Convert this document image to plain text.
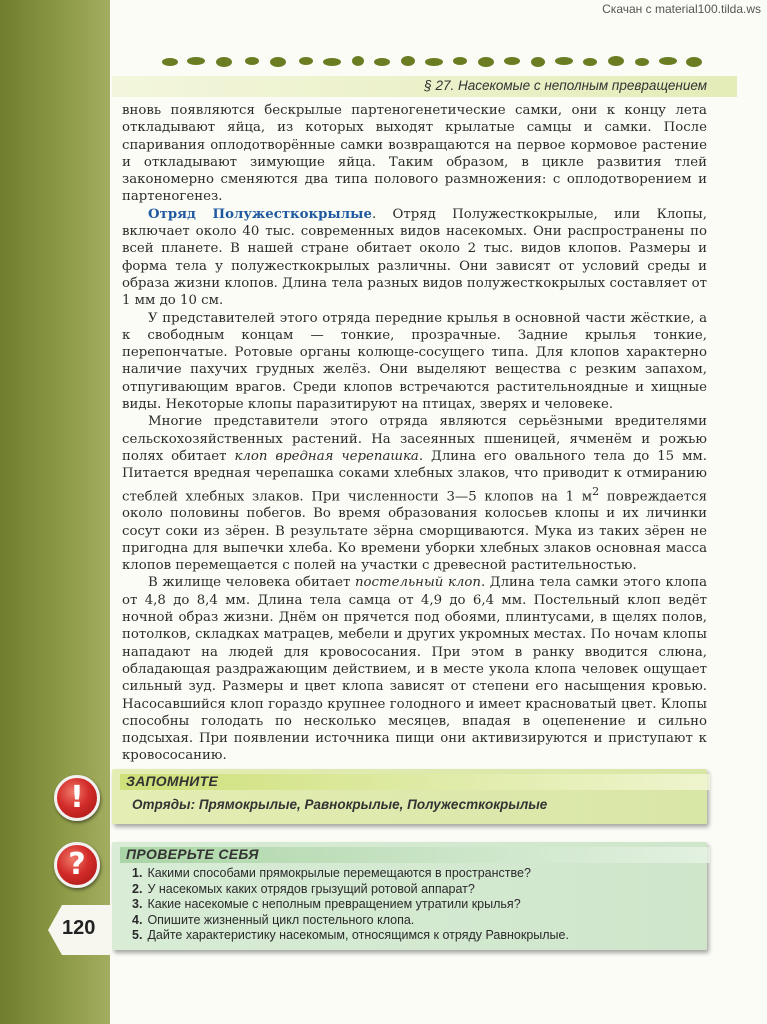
Скачан с material100.tilda.ws
§ 27. Насекомые с неполным превращением

вновь появляются бескрылые партеногенетические самки, они к концу лета откладывают яйца, из которых выходят крылатые самцы и самки. После спаривания оплодотворённые самки возвращаются на первое кормовое растение и откладывают зимующие яйца. Таким образом, в цикле развития тлей закономерно сменяются два типа полового размножения: с оплодотворением и партеногенез.

Отряд Полужесткокрылые. Отряд Полужесткокрылые, или Клопы, включает около 40 тыс. современных видов насекомых. Они распространены по всей планете. В нашей стране обитает около 2 тыс. видов клопов. Размеры и форма тела у полужесткокрылых различны. Они зависят от условий среды и образа жизни клопов. Длина тела разных видов полужесткокрылых составляет от 1 мм до 10 см.

У представителей этого отряда передние крылья в основной части жёсткие, а к свободным концам — тонкие, прозрачные. Задние крылья тонкие, перепончатые. Ротовые органы колюще-сосущего типа. Для клопов характерно наличие пахучих грудных желёз. Они выделяют вещества с резким запахом, отпугивающим врагов. Среди клопов встречаются растительноядные и хищные виды. Некоторые клопы паразитируют на птицах, зверях и человеке.

Многие представители этого отряда являются серьёзными вредителями сельскохозяйственных растений. На засеянных пшеницей, ячменём и рожью полях обитает клоп вредная черепашка. Длина его овального тела до 15 мм. Питается вредная черепашка соками хлебных злаков, что приводит к отмиранию стеблей хлебных злаков. При численности 3—5 клопов на 1 $м^2$ повреждается около половины побегов. Во время образования колосьев клопы и их личинки сосут соки из зёрен. В результате зёрна сморщиваются. Мука из таких зёрен не пригодна для выпечки хлеба. Ко времени уборки хлебных злаков основная масса клопов перемещается с полей на участки с древесной растительностью.

В жилище человека обитает постельный клоп. Длина тела самки этого клопа от 4,8 до 8,4 мм. Длина тела самца от 4,9 до 6,4 мм. Постельный клоп ведёт ночной образ жизни. Днём он прячется под обоями, плинтусами, в щелях полов, потолков, складках матрацев, мебели и других укромных местах. По ночам клопы нападают на людей для кровососания. При этом в ранку вводится слюна, обладающая раздражающим действием, и в месте укола клопа человек ощущает сильный зуд. Размеры и цвет клопа зависят от степени его насыщения кровью. Насосавшийся клоп гораздо крупнее голодного и имеет красноватый цвет. Клопы способны голодать по несколько месяцев, впадая в оцепенение и сильно подсыхая. При появлении источника пищи они активизируются и приступают к кровососанию.

!	ЗАПОМНИТЕ
Отряды: Прямокрылые, Равнокрылые, Полужесткокрылые
?	ПРОВЕРЬТЕ СЕБЯ
1. Какими способами прямокрылые перемещаются в пространстве?
2. У насекомых каких отрядов грызущий ротовой аппарат?
3. Какие насекомые с неполным превращением утратили крылья?
4. Опишите жизненный цикл постельного клопа.
5. Дайте характеристику насекомым, относящимся к отряду Равнокрылые.
120
